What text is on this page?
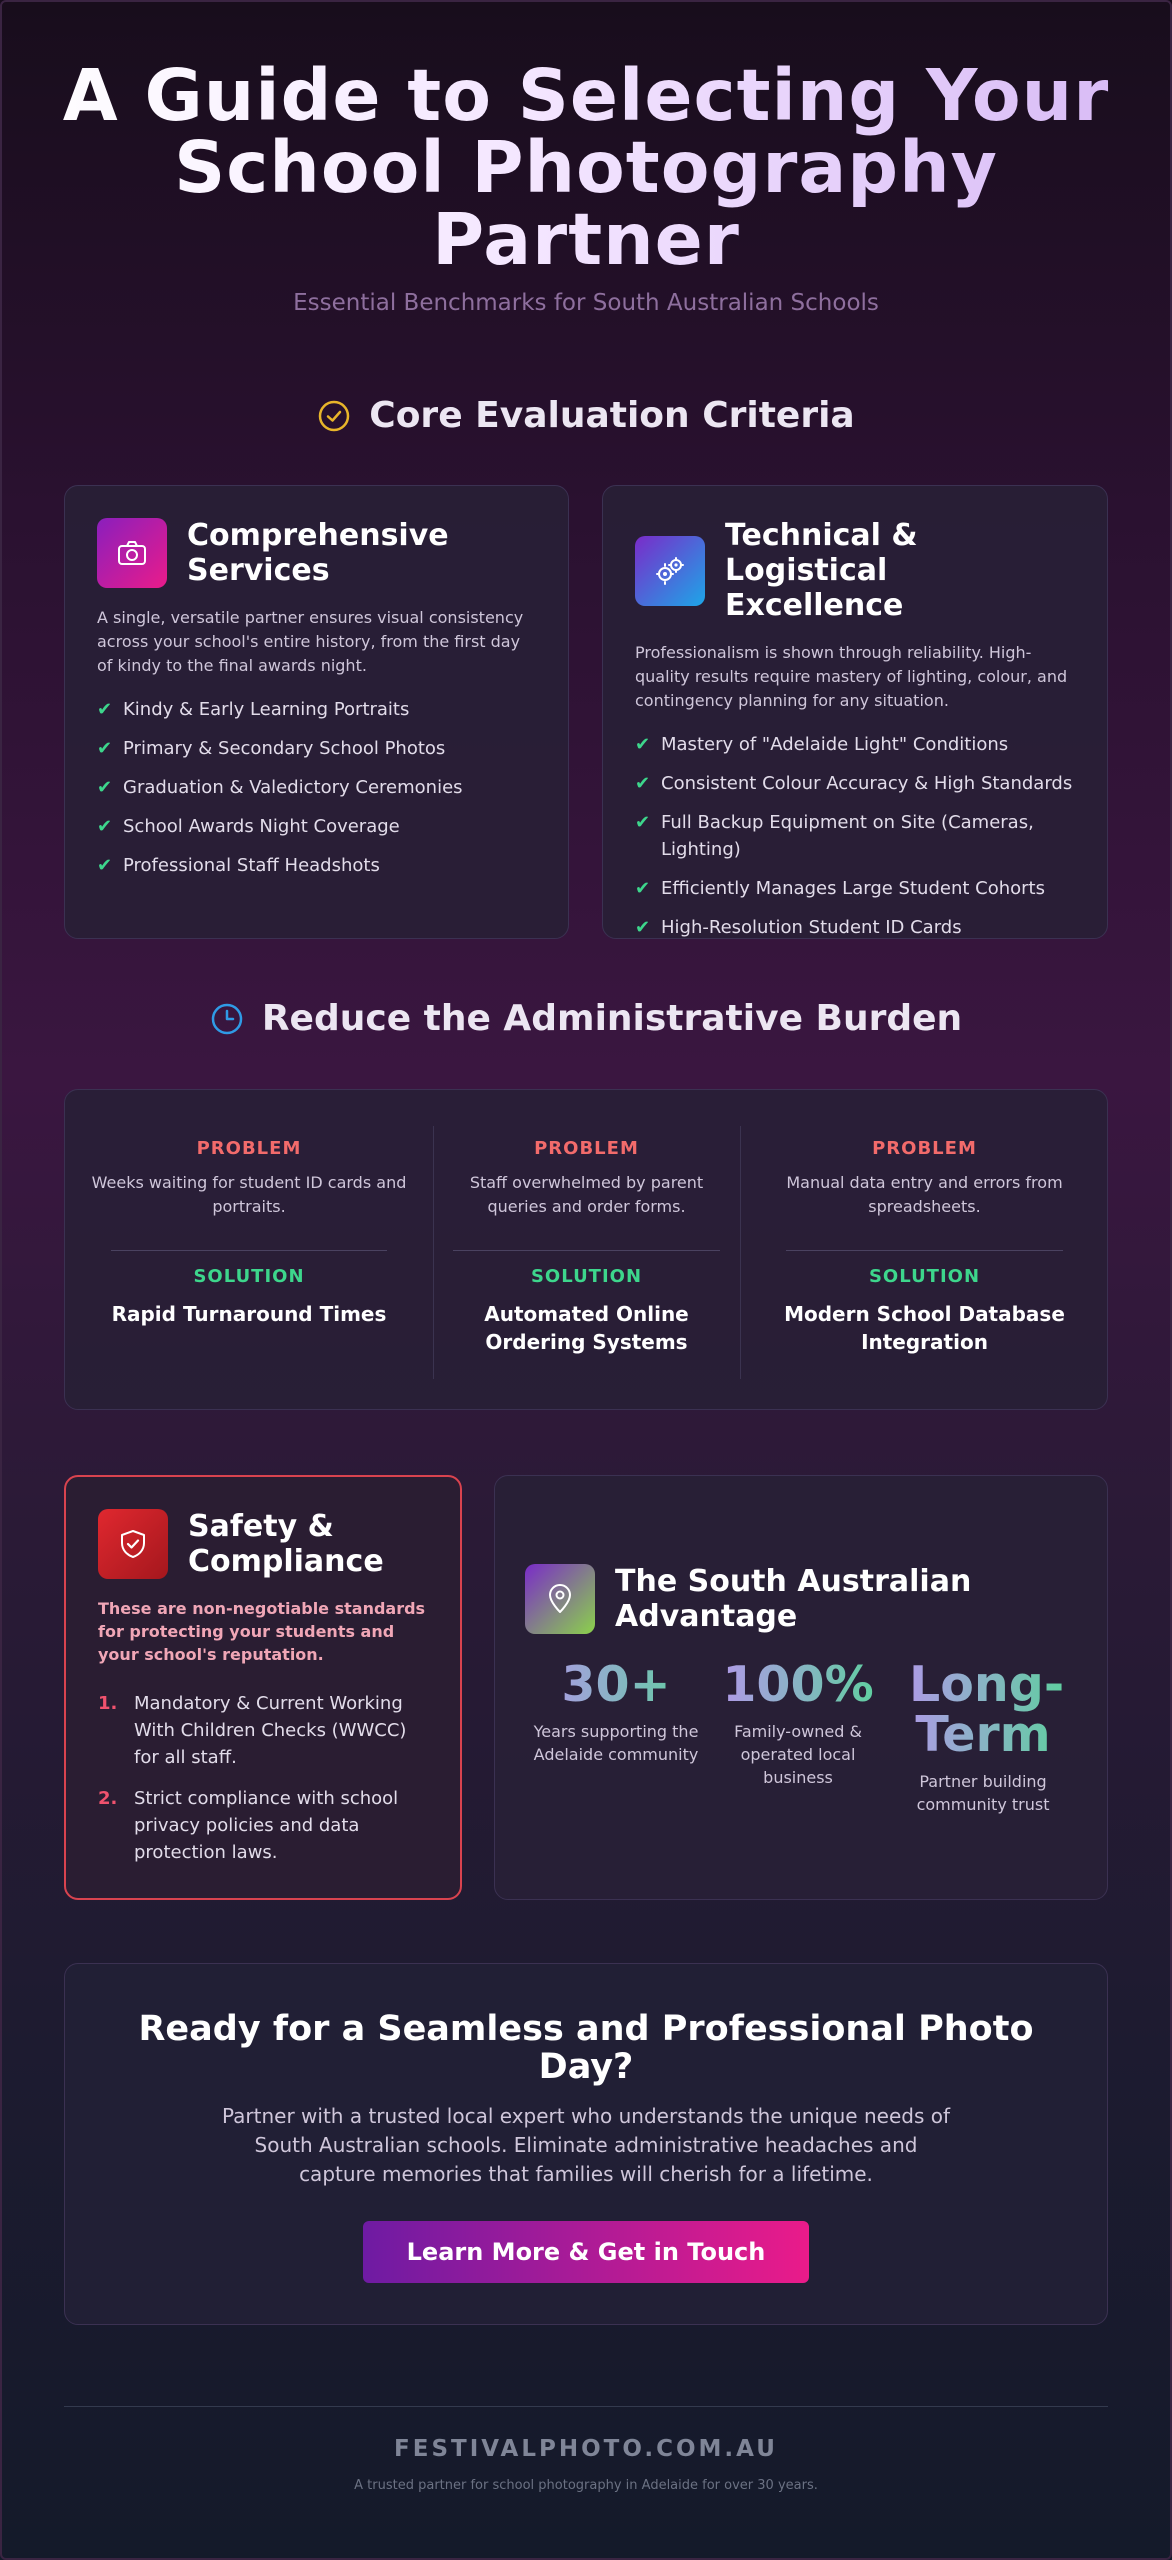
A Guide to Selecting Your School Photography Partner
Essential Benchmarks for South Australian Schools
Core Evaluation Criteria
Comprehensive Services

A single, versatile partner ensures visual consistency across your school's entire history, from the first day of kindy to the final awards night.

✔ Kindy & Early Learning Portraits
✔ Primary & Secondary School Photos
✔ Graduation & Valedictory Ceremonies
✔ School Awards Night Coverage
✔ Professional Staff Headshots
Technical & Logistical Excellence

Professionalism is shown through reliability. High-quality results require mastery of lighting, colour, and contingency planning for any situation.

✔ Mastery of "Adelaide Light" Conditions
✔ Consistent Colour Accuracy & High Standards
✔ Full Backup Equipment on Site (Cameras, Lighting)
✔ Efficiently Manages Large Student Cohorts
✔ High-Resolution Student ID Cards
Reduce the Administrative Burden
PROBLEM
Weeks waiting for student ID cards and portraits.
SOLUTION
Rapid Turnaround Times
PROBLEM
Staff overwhelmed by parent queries and order forms.
SOLUTION
Automated Online Ordering Systems
PROBLEM
Manual data entry and errors from spreadsheets.
SOLUTION
Modern School Database Integration
Safety & Compliance

These are non-negotiable standards for protecting your students and your school's reputation.

1. Mandatory & Current Working With Children Checks (WWCC) for all staff.
2. Strict compliance with school privacy policies and data protection laws.
The South Australian Advantage
30+
Years supporting the Adelaide community
100%
Family-owned & operated local business
Long-Term
Partner building community trust
Ready for a Seamless and Professional Photo Day?

Partner with a trusted local expert who understands the unique needs of South Australian schools. Eliminate administrative headaches and capture memories that families will cherish for a lifetime.

Learn More & Get in Touch
FESTIVALPHOTO.COM.AU
A trusted partner for school photography in Adelaide for over 30 years.
